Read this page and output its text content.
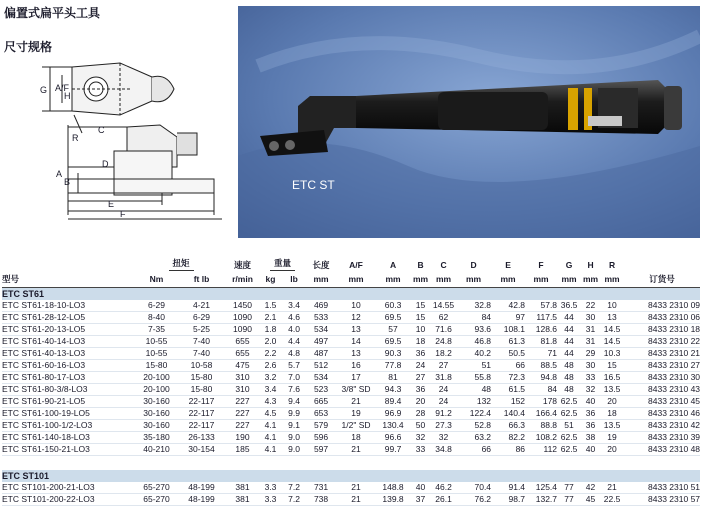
偏置式扁平头工具
尺寸规格
G A/F
H
R
C
D
A
B
E
F
ETC ST
	扭矩		速度	重量		长度	A/F	A	B	C	D	E	F	G	H	R	
型号	Nm	ft lb	r/min	kg	lb	mm	mm	mm	mm	mm	mm	mm	mm	mm	mm	mm	订货号
ETC ST61																	
ETC ST61-18-10-LO3	6-29	4-21	1450	1.5	3.4	469	10	60.3	15	14.55	32.8	42.8	57.8	36.5	22	10	8433 2310 09
ETC ST61-28-12-LO5	8-40	6-29	1090	2.1	4.6	533	12	69.5	15	62	84	97	117.5	44	30	13	8433 2310 06
ETC ST61-20-13-LO5	7-35	5-25	1090	1.8	4.0	534	13	57	10	71.6	93.6	108.1	128.6	44	31	14.5	8433 2310 18
ETC ST61-40-14-LO3	10-55	7-40	655	2.0	4.4	497	14	69.5	18	24.8	46.8	61.3	81.8	44	31	14.5	8433 2310 22
ETC ST61-40-13-LO3	10-55	7-40	655	2.2	4.8	487	13	90.3	36	18.2	40.2	50.5	71	44	29	10.3	8433 2310 21
ETC ST61-60-16-LO3	15-80	10-58	475	2.6	5.7	512	16	77.8	24	27	51	66	88.5	48	30	15	8433 2310 27
ETC ST61-80-17-LO3	20-100	15-80	310	3.2	7.0	534	17	81	27	31.8	55.8	72.3	94.8	48	33	16.5	8433 2310 30
ETC ST61-80-3/8-LO3	20-100	15-80	310	3.4	7.6	523	3/8" SD	94.3	36	24	48	61.5	84	48	32	13.5	8433 2310 43
ETC ST61-90-21-LO5	30-160	22-117	227	4.3	9.4	665	21	89.4	20	24	132	152	178	62.5	40	20	8433 2310 45
ETC ST61-100-19-LO5	30-160	22-117	227	4.5	9.9	653	19	96.9	28	91.2	122.4	140.4	166.4	62.5	36	18	8433 2310 46
ETC ST61-100-1/2-LO3	30-160	22-117	227	4.1	9.1	579	1/2" SD	130.4	50	27.3	52.8	66.3	88.8	51	36	13.5	8433 2310 42
ETC ST61-140-18-LO3	35-180	26-133	190	4.1	9.0	596	18	96.6	32	32	63.2	82.2	108.2	62.5	38	19	8433 2310 39
ETC ST61-150-21-LO3	40-210	30-154	185	4.1	9.0	597	21	99.7	33	34.8	66	86	112	62.5	40	20	8433 2310 48

ETC ST101																	
ETC ST101-200-21-LO3	65-270	48-199	381	3.3	7.2	731	21	148.8	40	46.2	70.4	91.4	125.4	77	42	21	8433 2310 51
ETC ST101-200-22-LO3	65-270	48-199	381	3.3	7.2	738	21	139.8	37	26.1	76.2	98.7	132.7	77	45	22.5	8433 2310 57
